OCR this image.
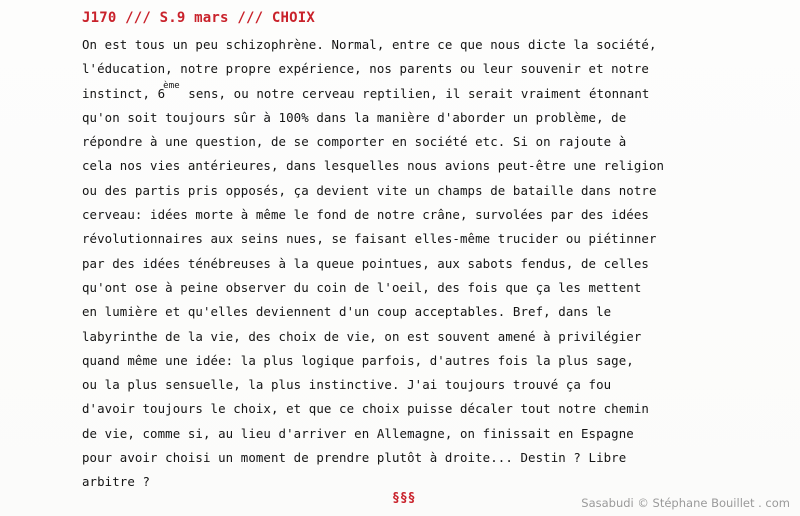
J170 /// S.9 mars /// CHOIX
On est tous un peu schizophrène. Normal, entre ce que nous dicte la société,
l'éducation, notre propre expérience, nos parents ou leur souvenir et notre
instinct, 6ème sens, ou notre cerveau reptilien, il serait vraiment étonnant
qu'on soit toujours sûr à 100% dans la manière d'aborder un problème, de
répondre à une question, de se comporter en société etc. Si on rajoute à
cela nos vies antérieures, dans lesquelles nous avions peut-être une religion
ou des partis pris opposés, ça devient vite un champs de bataille dans notre
cerveau: idées morte à même le fond de notre crâne, survolées par des idées
révolutionnaires aux seins nues, se faisant elles-même trucider ou piétinner
par des idées ténébreuses à la queue pointues, aux sabots fendus, de celles
qu'ont ose à peine observer du coin de l'oeil, des fois que ça les mettent
en lumière et qu'elles deviennent d'un coup acceptables. Bref, dans le
labyrinthe de la vie, des choix de vie, on est souvent amené à privilégier
quand même une idée: la plus logique parfois, d'autres fois la plus sage,
ou la plus sensuelle, la plus instinctive. J'ai toujours trouvé ça fou
d'avoir toujours le choix, et que ce choix puisse décaler tout notre chemin
de vie, comme si, au lieu d'arriver en Allemagne, on finissait en Espagne
pour avoir choisi un moment de prendre plutôt à droite... Destin ? Libre
arbitre ?
§§§	Sasabudi © Stéphane Bouillet . com
